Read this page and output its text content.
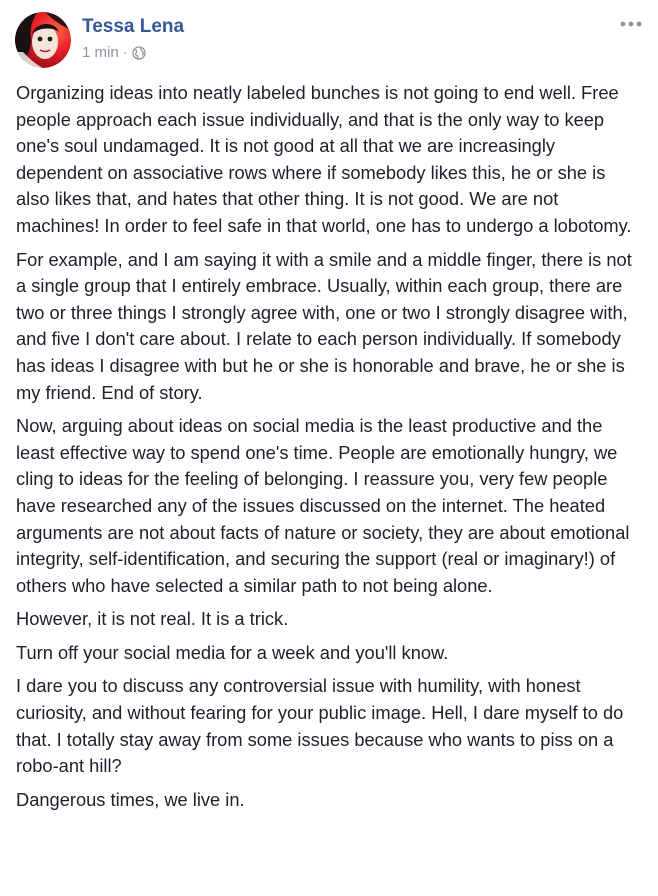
Tessa Lena
1 min ·

Organizing ideas into neatly labeled bunches is not going to end well. Free people approach each issue individually, and that is the only way to keep one's soul undamaged. It is not good at all that we are increasingly dependent on associative rows where if somebody likes this, he or she is also likes that, and hates that other thing. It is not good. We are not machines! In order to feel safe in that world, one has to undergo a lobotomy.

For example, and I am saying it with a smile and a middle finger, there is not a single group that I entirely embrace. Usually, within each group, there are two or three things I strongly agree with, one or two I strongly disagree with, and five I don't care about. I relate to each person individually. If somebody has ideas I disagree with but he or she is honorable and brave, he or she is my friend. End of story.

Now, arguing about ideas on social media is the least productive and the least effective way to spend one's time. People are emotionally hungry, we cling to ideas for the feeling of belonging. I reassure you, very few people have researched any of the issues discussed on the internet. The heated arguments are not about facts of nature or society, they are about emotional integrity, self-identification, and securing the support (real or imaginary!) of others who have selected a similar path to not being alone.

However, it is not real. It is a trick.

Turn off your social media for a week and you'll know.

I dare you to discuss any controversial issue with humility, with honest curiosity, and without fearing for your public image. Hell, I dare myself to do that. I totally stay away from some issues because who wants to piss on a robo-ant hill?

Dangerous times, we live in.
